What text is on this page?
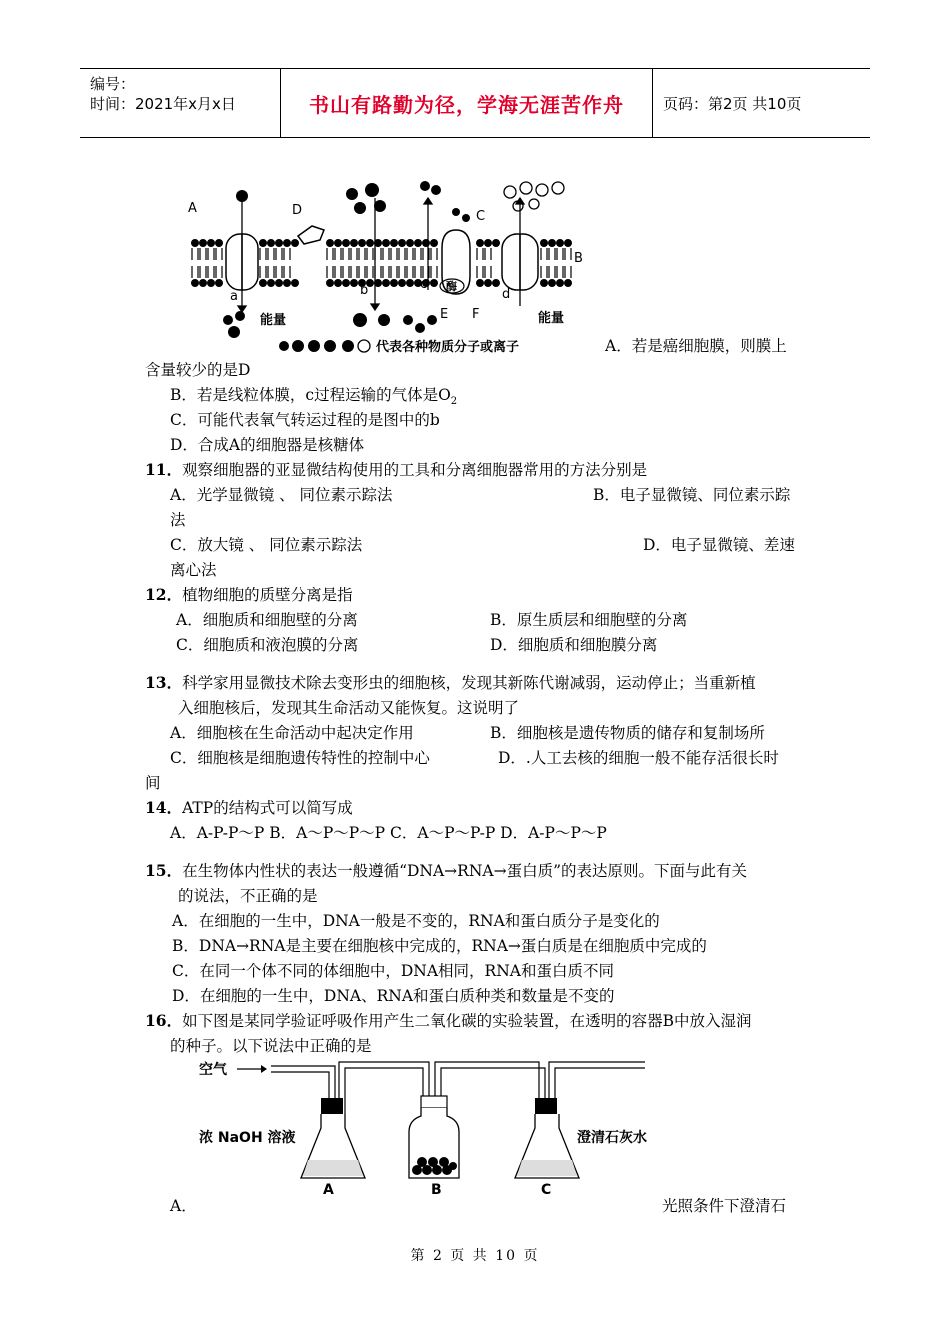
编号：
时间：2021年x月x日	书山有路勤为径，学海无涯苦作舟	页码：第2页 共10页
A	D	C
B
E F
a	b	c
d
能量	能量
酶
代表各种物质分子或离子	A．若是癌细胞膜，则膜上
含量较少的是D
B．若是线粒体膜，c过程运输的气体是$O_2$
C．可能代表氧气转运过程的是图中的b
D．合成A的细胞器是核糖体
11．观察细胞器的亚显微结构使用的工具和分离细胞器常用的方法分别是
A．光学显微镜 、 同位素示踪法	B．电子显微镜、同位素示踪
法
C．放大镜 、 同位素示踪法	D．电子显微镜、差速
离心法
12．植物细胞的质壁分离是指
A．细胞质和细胞壁的分离	B．原生质层和细胞壁的分离
C．细胞质和液泡膜的分离	D．细胞质和细胞膜分离
13．科学家用显微技术除去变形虫的细胞核，发现其新陈代谢减弱，运动停止；当重新植
入细胞核后，发现其生命活动又能恢复。这说明了
A．细胞核在生命活动中起决定作用	B．细胞核是遗传物质的储存和复制场所
C．细胞核是细胞遗传特性的控制中心	D．.人工去核的细胞一般不能存活很长时
间
14．ATP的结构式可以简写成
A．A-P-P～P B．A～P～P～P C．A～P～P-P D．A-P～P～P
15．在生物体内性状的表达一般遵循“DNA→RNA→蛋白质”的表达原则。下面与此有关
的说法，不正确的是
A．在细胞的一生中，DNA一般是不变的，RNA和蛋白质分子是变化的
B．DNA→RNA是主要在细胞核中完成的，RNA→蛋白质是在细胞质中完成的
C．在同一个体不同的体细胞中，DNA相同，RNA和蛋白质不同
D．在细胞的一生中，DNA、RNA和蛋白质种类和数量是不变的
16．如下图是某同学验证呼吸作用产生二氧化碳的实验装置，在透明的容器B中放入湿润
的种子。以下说法中正确的是
空气
浓 NaOH 溶液	澄清石灰水
A	B	C
A．	光照条件下澄清石
第 2 页 共 10 页
